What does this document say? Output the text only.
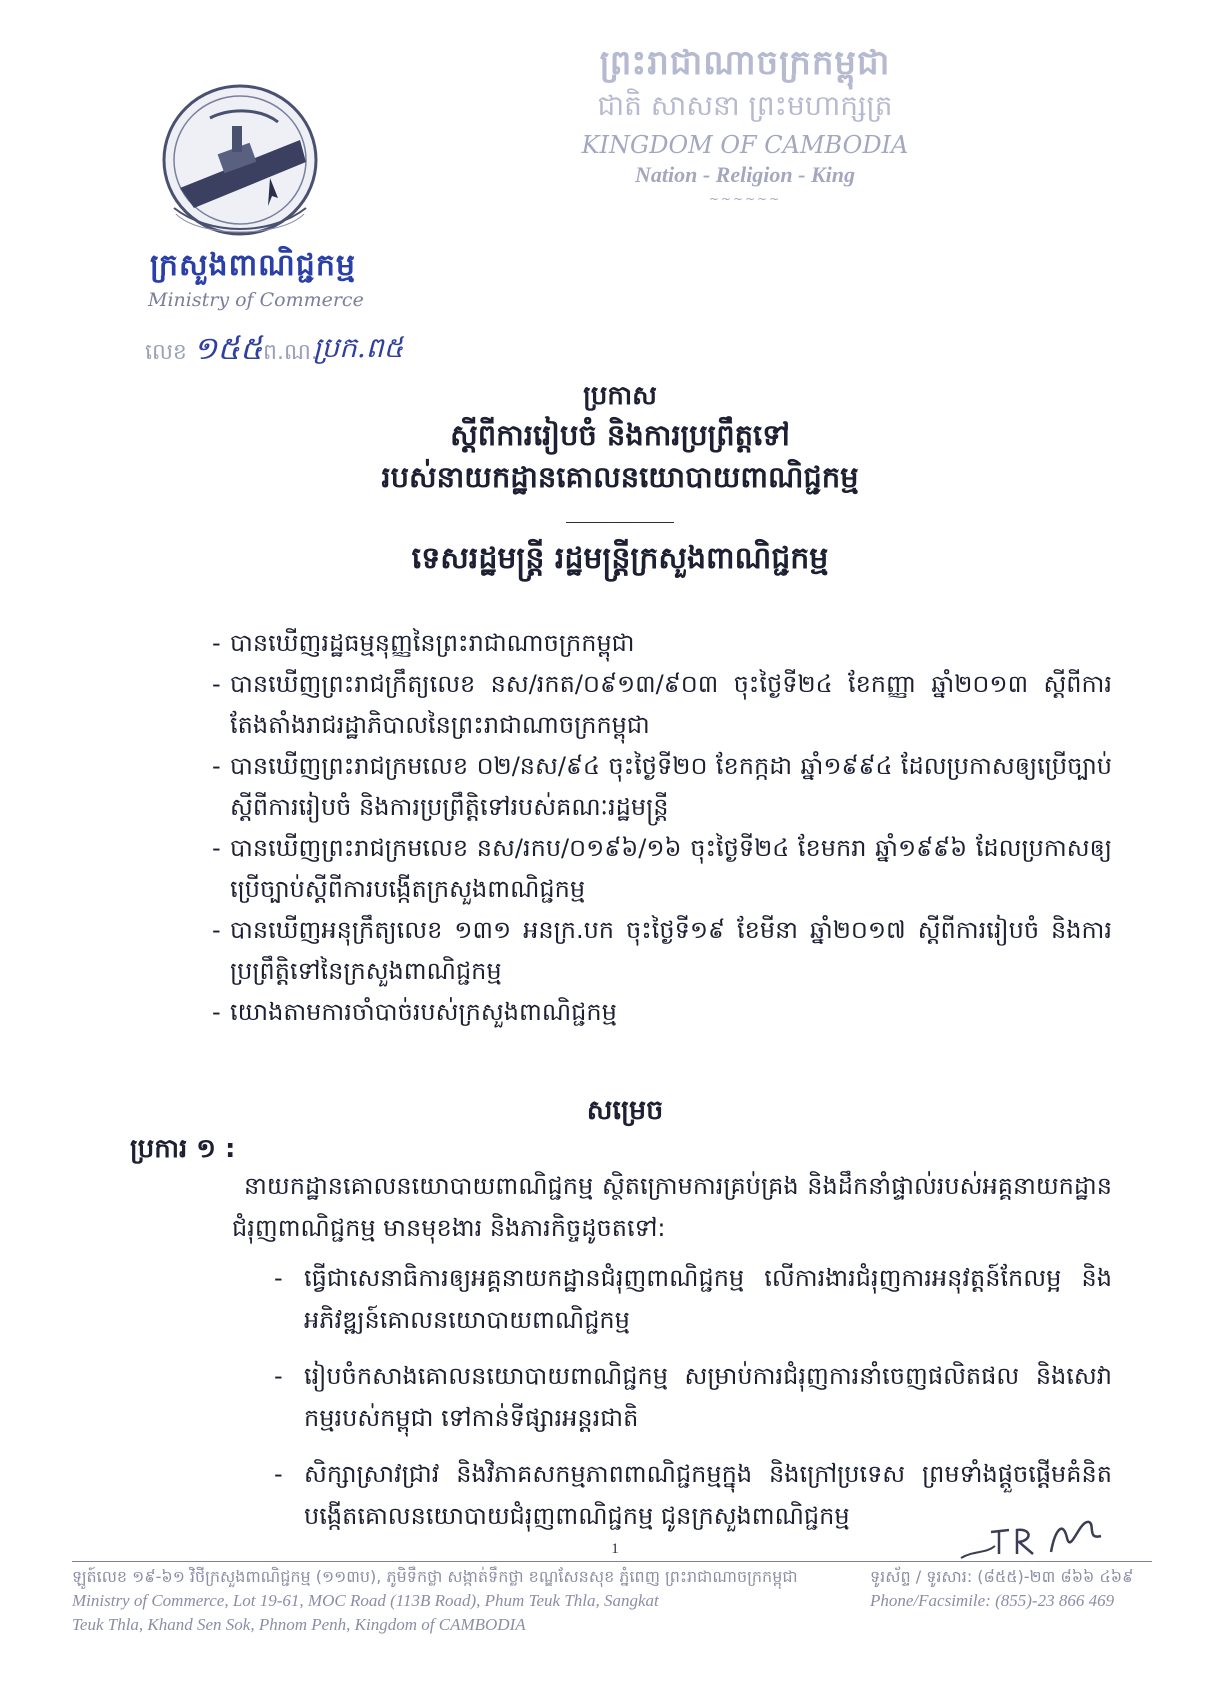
ក្រសួងពាណិជ្ជកម្ម
Ministry of Commerce
លេខ ១៥៥ ព.ណ.
ប្រក.ព៥
ព្រះរាជាណាចក្រកម្ពុជា
ជាតិ សាសនា ព្រះមហាក្សត្រ
KINGDOM OF CAMBODIA
Nation - Religion - King
~~~~~~
ប្រកាស
ស្តីពីការរៀបចំ និងការប្រព្រឹត្តទៅ
របស់នាយកដ្ឋានគោលនយោបាយពាណិជ្ជកម្ម
ទេសរដ្ឋមន្ត្រី រដ្ឋមន្ត្រីក្រសួងពាណិជ្ជកម្ម
- បានឃើញរដ្ឋធម្មនុញ្ញនៃព្រះរាជាណាចក្រកម្ពុជា
- បានឃើញព្រះរាជក្រឹត្យលេខ នស/រកត/០៩១៣/៩០៣ ចុះថ្ងៃទី២៤ ខែកញ្ញា ឆ្នាំ២០១៣ ស្តីពីការតែងតាំងរាជរដ្ឋាភិបាលនៃព្រះរាជាណាចក្រកម្ពុជា
- បានឃើញព្រះរាជក្រមលេខ ០២/នស/៩៤ ចុះថ្ងៃទី២០ ខែកក្កដា ឆ្នាំ១៩៩៤ ដែលប្រកាសឲ្យប្រើច្បាប់ស្តីពីការរៀបចំ និងការប្រព្រឹត្តិទៅរបស់គណៈរដ្ឋមន្ត្រី
- បានឃើញព្រះរាជក្រមលេខ នស/រកប/០១៩៦/១៦ ចុះថ្ងៃទី២៤ ខែមករា ឆ្នាំ១៩៩៦ ដែលប្រកាសឲ្យប្រើច្បាប់ស្តីពីការបង្កើតក្រសួងពាណិជ្ជកម្ម
- បានឃើញអនុក្រឹត្យលេខ ១៣១ អនក្រ.បក ចុះថ្ងៃទី១៩ ខែមីនា ឆ្នាំ២០១៧ ស្តីពីការរៀបចំ និងការប្រព្រឹត្តិទៅនៃក្រសួងពាណិជ្ជកម្ម
- យោងតាមការចាំបាច់របស់ក្រសួងពាណិជ្ជកម្ម
សម្រេច
ប្រការ ១ :
នាយកដ្ឋានគោលនយោបាយពាណិជ្ជកម្ម ស្ថិតក្រោមការគ្រប់គ្រង និងដឹកនាំផ្ទាល់របស់អគ្គនាយកដ្ឋានជំរុញពាណិជ្ជកម្ម មានមុខងារ និងភារកិច្ចដូចតទៅ:
- ធ្វើជាសេនាធិការឲ្យអគ្គនាយកដ្ឋានជំរុញពាណិជ្ជកម្ម លើការងារជំរុញការអនុវត្តន៍កែលម្អ និងអភិវឌ្ឍន៍គោលនយោបាយពាណិជ្ជកម្ម
- រៀបចំកសាងគោលនយោបាយពាណិជ្ជកម្ម សម្រាប់ការជំរុញការនាំចេញផលិតផល និងសេវាកម្មរបស់កម្ពុជា ទៅកាន់ទីផ្សារអន្តរជាតិ
- សិក្សាស្រាវជ្រាវ និងវិភាគសកម្មភាពពាណិជ្ជកម្មក្នុង និងក្រៅប្រទេស ព្រមទាំងផ្តួចផ្តើមគំនិតបង្កើតគោលនយោបាយជំរុញពាណិជ្ជកម្ម ជូនក្រសួងពាណិជ្ជកម្ម
1
ឡូត៍លេខ ១៩-៦១ វិថីក្រសួងពាណិជ្ជកម្ម (១១៣ប), ភូមិទឹកថ្លា សង្កាត់ទឹកថ្លា ខណ្ឌសែនសុខ ភ្នំពេញ ព្រះរាជាណាចក្រកម្ពុជា
Ministry of Commerce, Lot 19-61, MOC Road (113B Road), Phum Teuk Thla, Sangkat
Teuk Thla, Khand Sen Sok, Phnom Penh, Kingdom of CAMBODIA
ទូរស័ព្ទ / ទូរសារ: (៨៥៥)-២៣ ៨៦៦ ៤៦៩
Phone/Facsimile: (855)-23 866 469
